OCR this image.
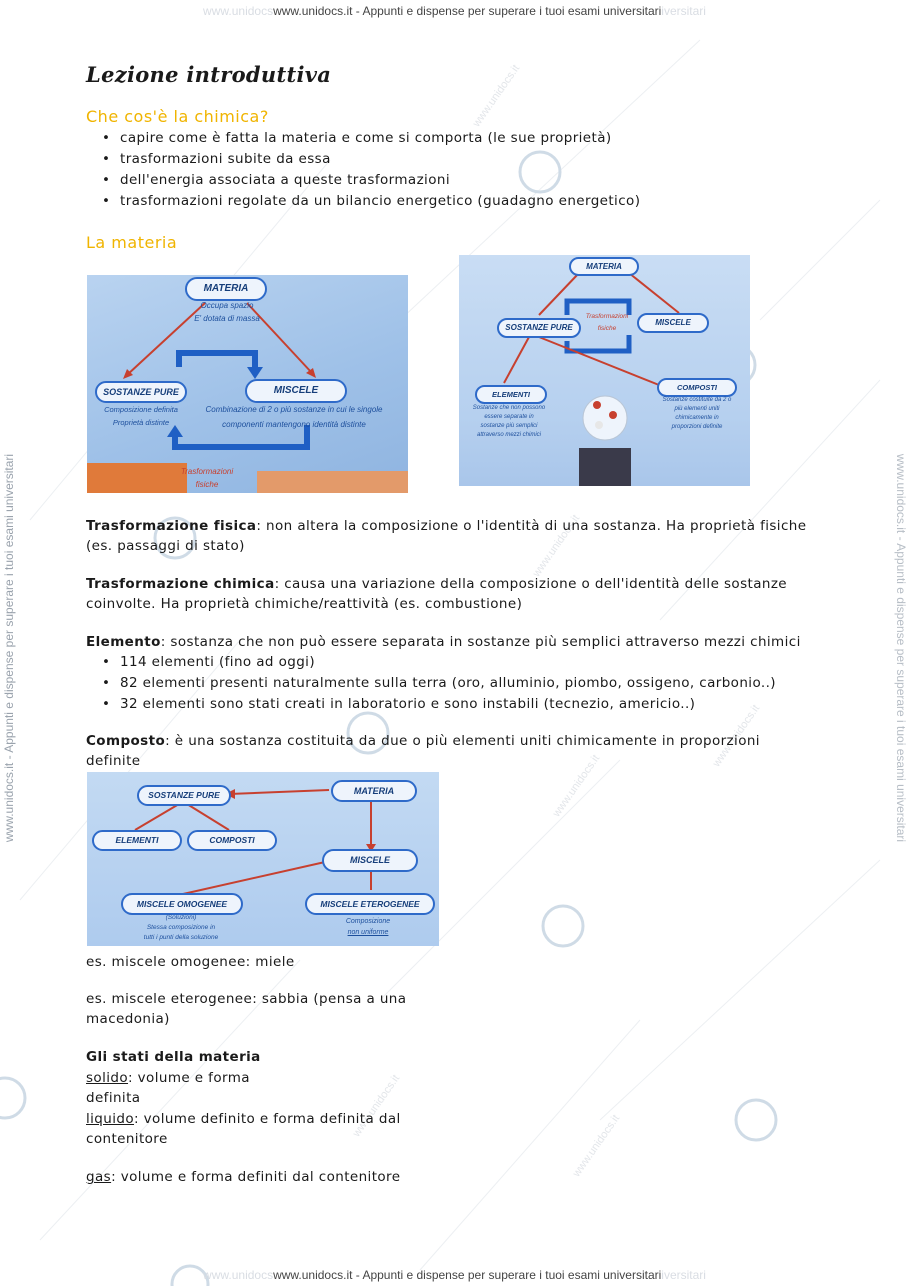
www.unidocs.it
www.unidocs.it
www.unidocs.it
www.unidocs.it
www.unidocs.it
www.unidocs.it
www.unidocswww.unidocs.it - Appunti e dispense per superare i tuoi esami universitariiversitari
www.unidocswww.unidocs.it - Appunti e dispense per superare i tuoi esami universitariiversitari
www.unidocs.it - Appunti e dispense per superare i tuoi esami universitari	www.unidocs.it - Appunti e dispense per superare i tuoi esami universitari
Lezione introduttiva
Che cos'è la chimica?
• capire come è fatta la materia e come si comporta (le sue proprietà)
• trasformazioni subite da essa
• dell'energia associata a queste trasformazioni
• trasformazioni regolate da un bilancio energetico (guadagno energetico)
La materia
MATERIA
Occupa spazio
E' dotata di massa
SOSTANZE PURE
Composizione definita
Proprietà distinte
MISCELE
Combinazione di 2 o più sostanze in cui le singole
componenti mantengono identità distinte
Trasformazioni
fisiche
MATERIA
SOSTANZE PURE
Trasformazioni
fisiche
MISCELE
ELEMENTI
COMPOSTI
Sostanze che non possono
essere separate in
sostanze più semplici
attraverso mezzi chimici
Sostanze costituite da 2 o
più elementi uniti
chimicamente in
proporzioni definite
Trasformazione fisica: non altera la composizione o l'identità di una sostanza. Ha proprietà fisiche
(es. passaggi di stato)
Trasformazione chimica: causa una variazione della composizione o dell'identità delle sostanze
coinvolte. Ha proprietà chimiche/reattività (es. combustione)
Elemento: sostanza che non può essere separata in sostanze più semplici attraverso mezzi chimici
• 114 elementi (fino ad oggi)
• 82 elementi presenti naturalmente sulla terra (oro, alluminio, piombo, ossigeno, carbonio..)
• 32 elementi sono stati creati in laboratorio e sono instabili (tecnezio, americio..)
Composto: è una sostanza costituita da due o più elementi uniti chimicamente in proporzioni
definite
SOSTANZE PURE	MATERIA
ELEMENTI	COMPOSTI
MISCELE
MISCELE OMOGENEE	MISCELE ETEROGENEE
(Soluzioni)
Stessa composizione in
tutti i punti della soluzione
Composizione
non uniforme
es. miscele omogenee: miele
es. miscele eterogenee: sabbia (pensa a una
macedonia)
Gli stati della materia
solido: volume e forma
definita
liquido: volume definito e forma definita dal
contenitore
gas: volume e forma definiti dal contenitore
